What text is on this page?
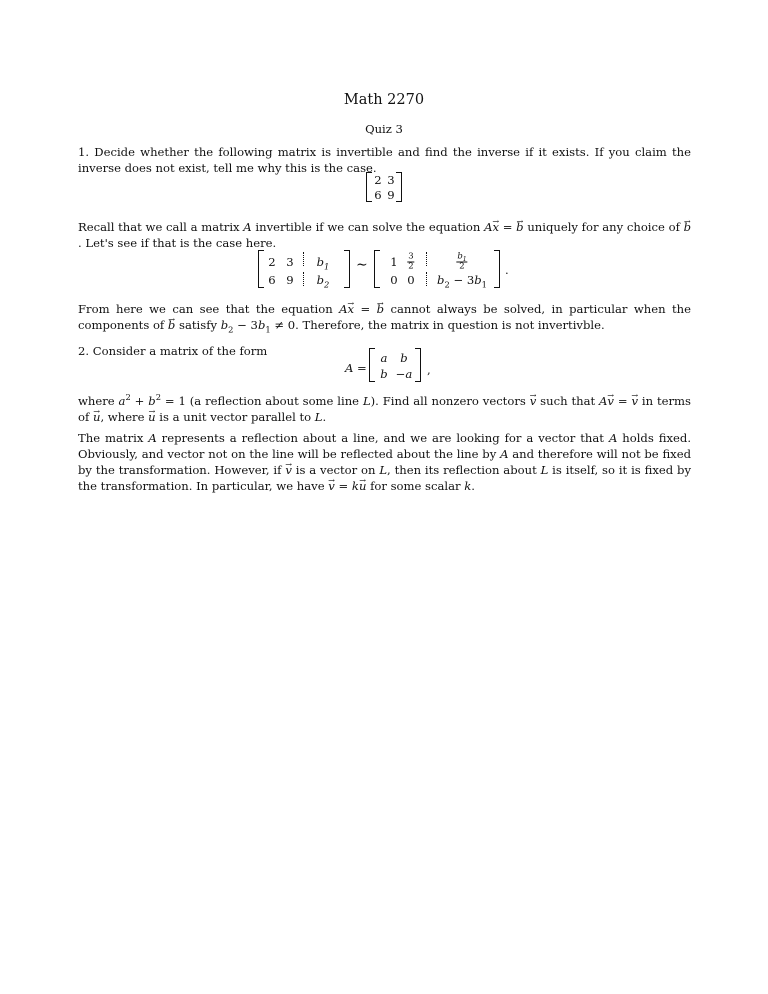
Math 2270
Quiz 3
1. Decide whether the following matrix is invertible and find the inverse if it exists. If you claim the inverse does not exist, tell me why this is the case.
2 3
6 9
Recall that we call a matrix A invertible if we can solve the equation Ax → = b → uniquely for any choice of b →. Let's see if that is the case here.
2 3 $b_1$
6 9 $b_2$
∼ $1 \frac{3}{2}$	$\frac{b_1}{2}$
0 0 $b_2 - 3b_1$
.
From here we can see that the equation Ax → = b → cannot always be solved, in particular when the components of b → satisfy $b_2 - 3b_1 \ne 0$. Therefore, the matrix in question is not invertivble.
2. Consider a matrix of the form
A =
a b
b −a ,
where $a^2 + b^2 = 1$ (a reflection about some line L). Find all nonzero vectors v → such that Av → = v → in terms of u →, where u → is a unit vector parallel to L.
The matrix A represents a reflection about a line, and we are looking for a vector that A holds fixed. Obviously, and vector not on the line will be reflected about the line by A and therefore will not be fixed by the transformation. However, if v → is a vector on L, then its reflection about L is itself, so it is fixed by the transformation. In particular, we have v → = ku → for some scalar k.
